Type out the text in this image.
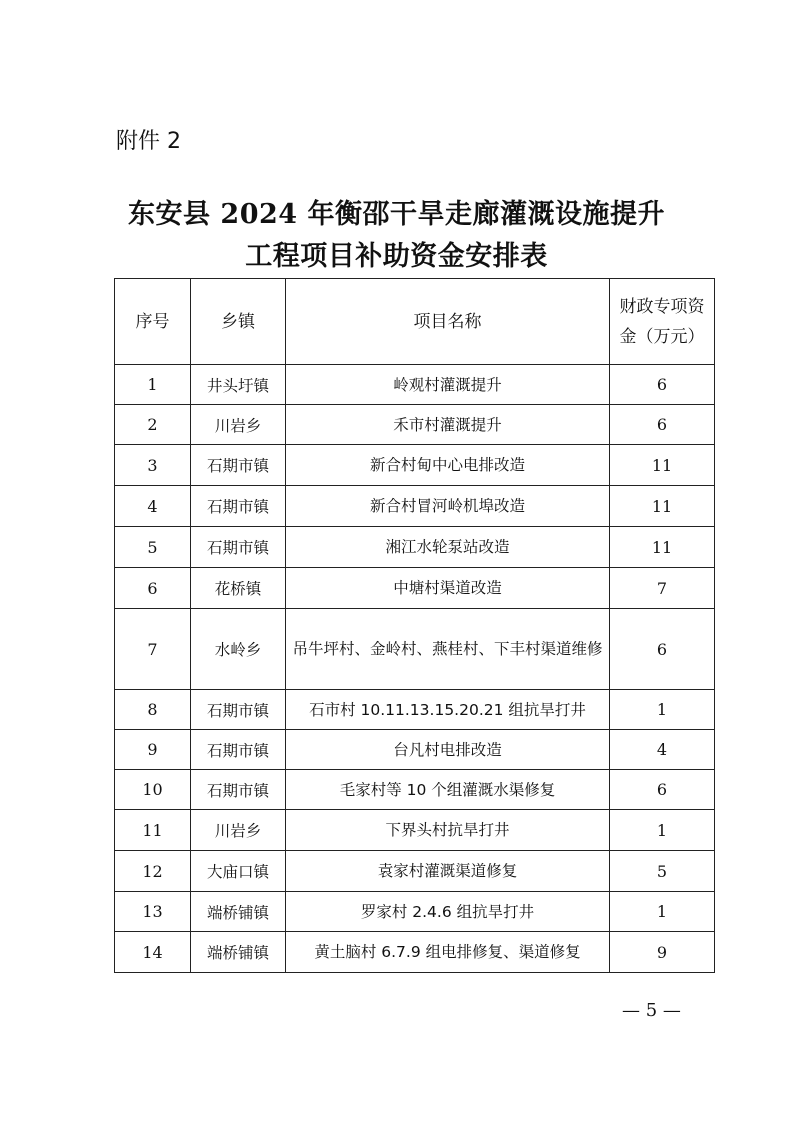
附件 2
东安县 2024 年衡邵干旱走廊灌溉设施提升
工程项目补助资金安排表
序号	乡镇	项目名称	财政专项资金（万元）
1	井头圩镇	岭观村灌溉提升	6
2	川岩乡	禾市村灌溉提升	6
3	石期市镇	新合村甸中心电排改造	11
4	石期市镇	新合村冒河岭机埠改造	11
5	石期市镇	湘江水轮泵站改造	11
6	花桥镇	中塘村渠道改造	7
7	水岭乡	吊牛坪村、金岭村、燕桂村、下丰村渠道维修	6
8	石期市镇	石市村 10.11.13.15.20.21 组抗旱打井	1
9	石期市镇	台凡村电排改造	4
10	石期市镇	毛家村等 10 个组灌溉水渠修复	6
11	川岩乡	下界头村抗旱打井	1
12	大庙口镇	袁家村灌溉渠道修复	5
13	端桥铺镇	罗家村 2.4.6 组抗旱打井	1
14	端桥铺镇	黄土脑村 6.7.9 组电排修复、渠道修复	9
— 5 —
